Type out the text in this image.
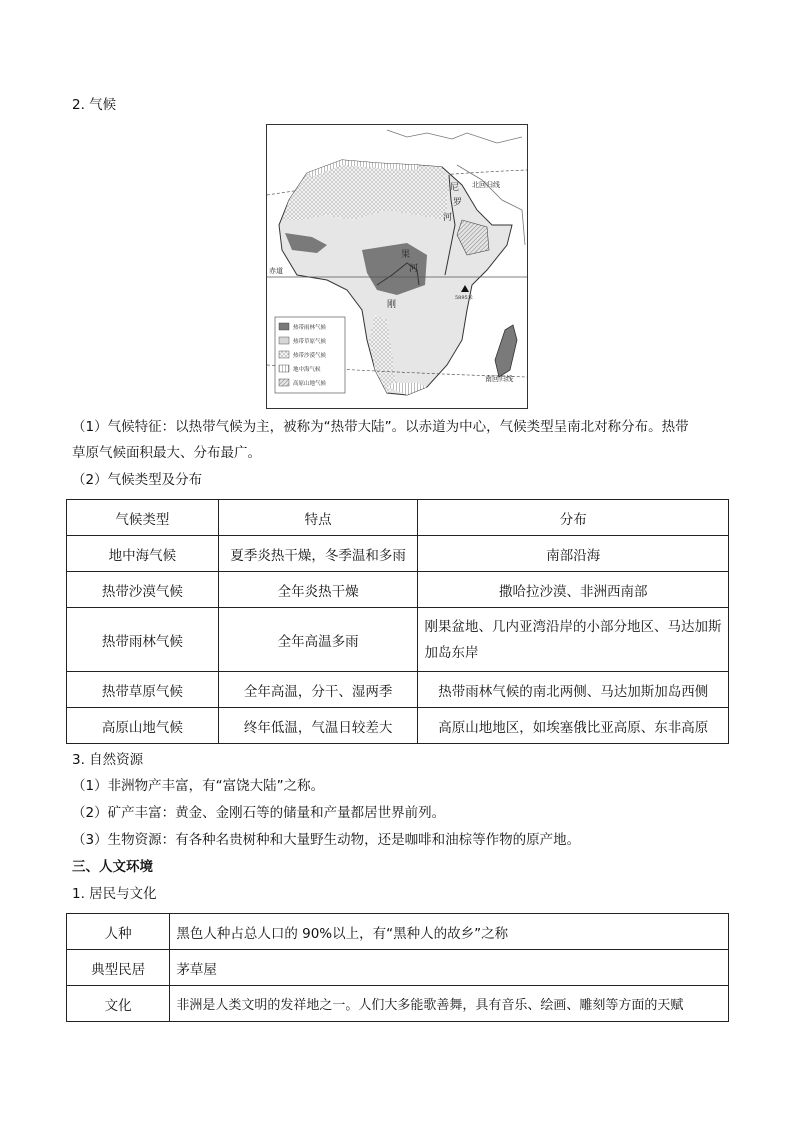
2. 气候
北回归线
尼
罗
河
果
河
刚
赤道
5895米
南回归线
热带雨林气候
热带草原气候
热带沙漠气候
地中海气候
高原山地气候
（1）气候特征：以热带气候为主，被称为“热带大陆”。以赤道为中心，气候类型呈南北对称分布。热带
草原气候面积最大、分布最广。
（2）气候类型及分布
气候类型	特点	分布
地中海气候	夏季炎热干燥，冬季温和多雨	南部沿海
热带沙漠气候	全年炎热干燥	撒哈拉沙漠、非洲西南部
热带雨林气候	全年高温多雨	刚果盆地、几内亚湾沿岸的小部分地区、马达加斯加岛东岸
热带草原气候	全年高温，分干、湿两季	热带雨林气候的南北两侧、马达加斯加岛西侧
高原山地气候	终年低温，气温日较差大	高原山地地区，如埃塞俄比亚高原、东非高原
3. 自然资源
（1）非洲物产丰富，有“富饶大陆”之称。
（2）矿产丰富：黄金、金刚石等的储量和产量都居世界前列。
（3）生物资源：有各种名贵树种和大量野生动物，还是咖啡和油棕等作物的原产地。
三、人文环境
1. 居民与文化
人种	黑色人种占总人口的 90%以上，有“黑种人的故乡”之称
典型民居	茅草屋
文化	非洲是人类文明的发祥地之一。人们大多能歌善舞，具有音乐、绘画、雕刻等方面的天赋
